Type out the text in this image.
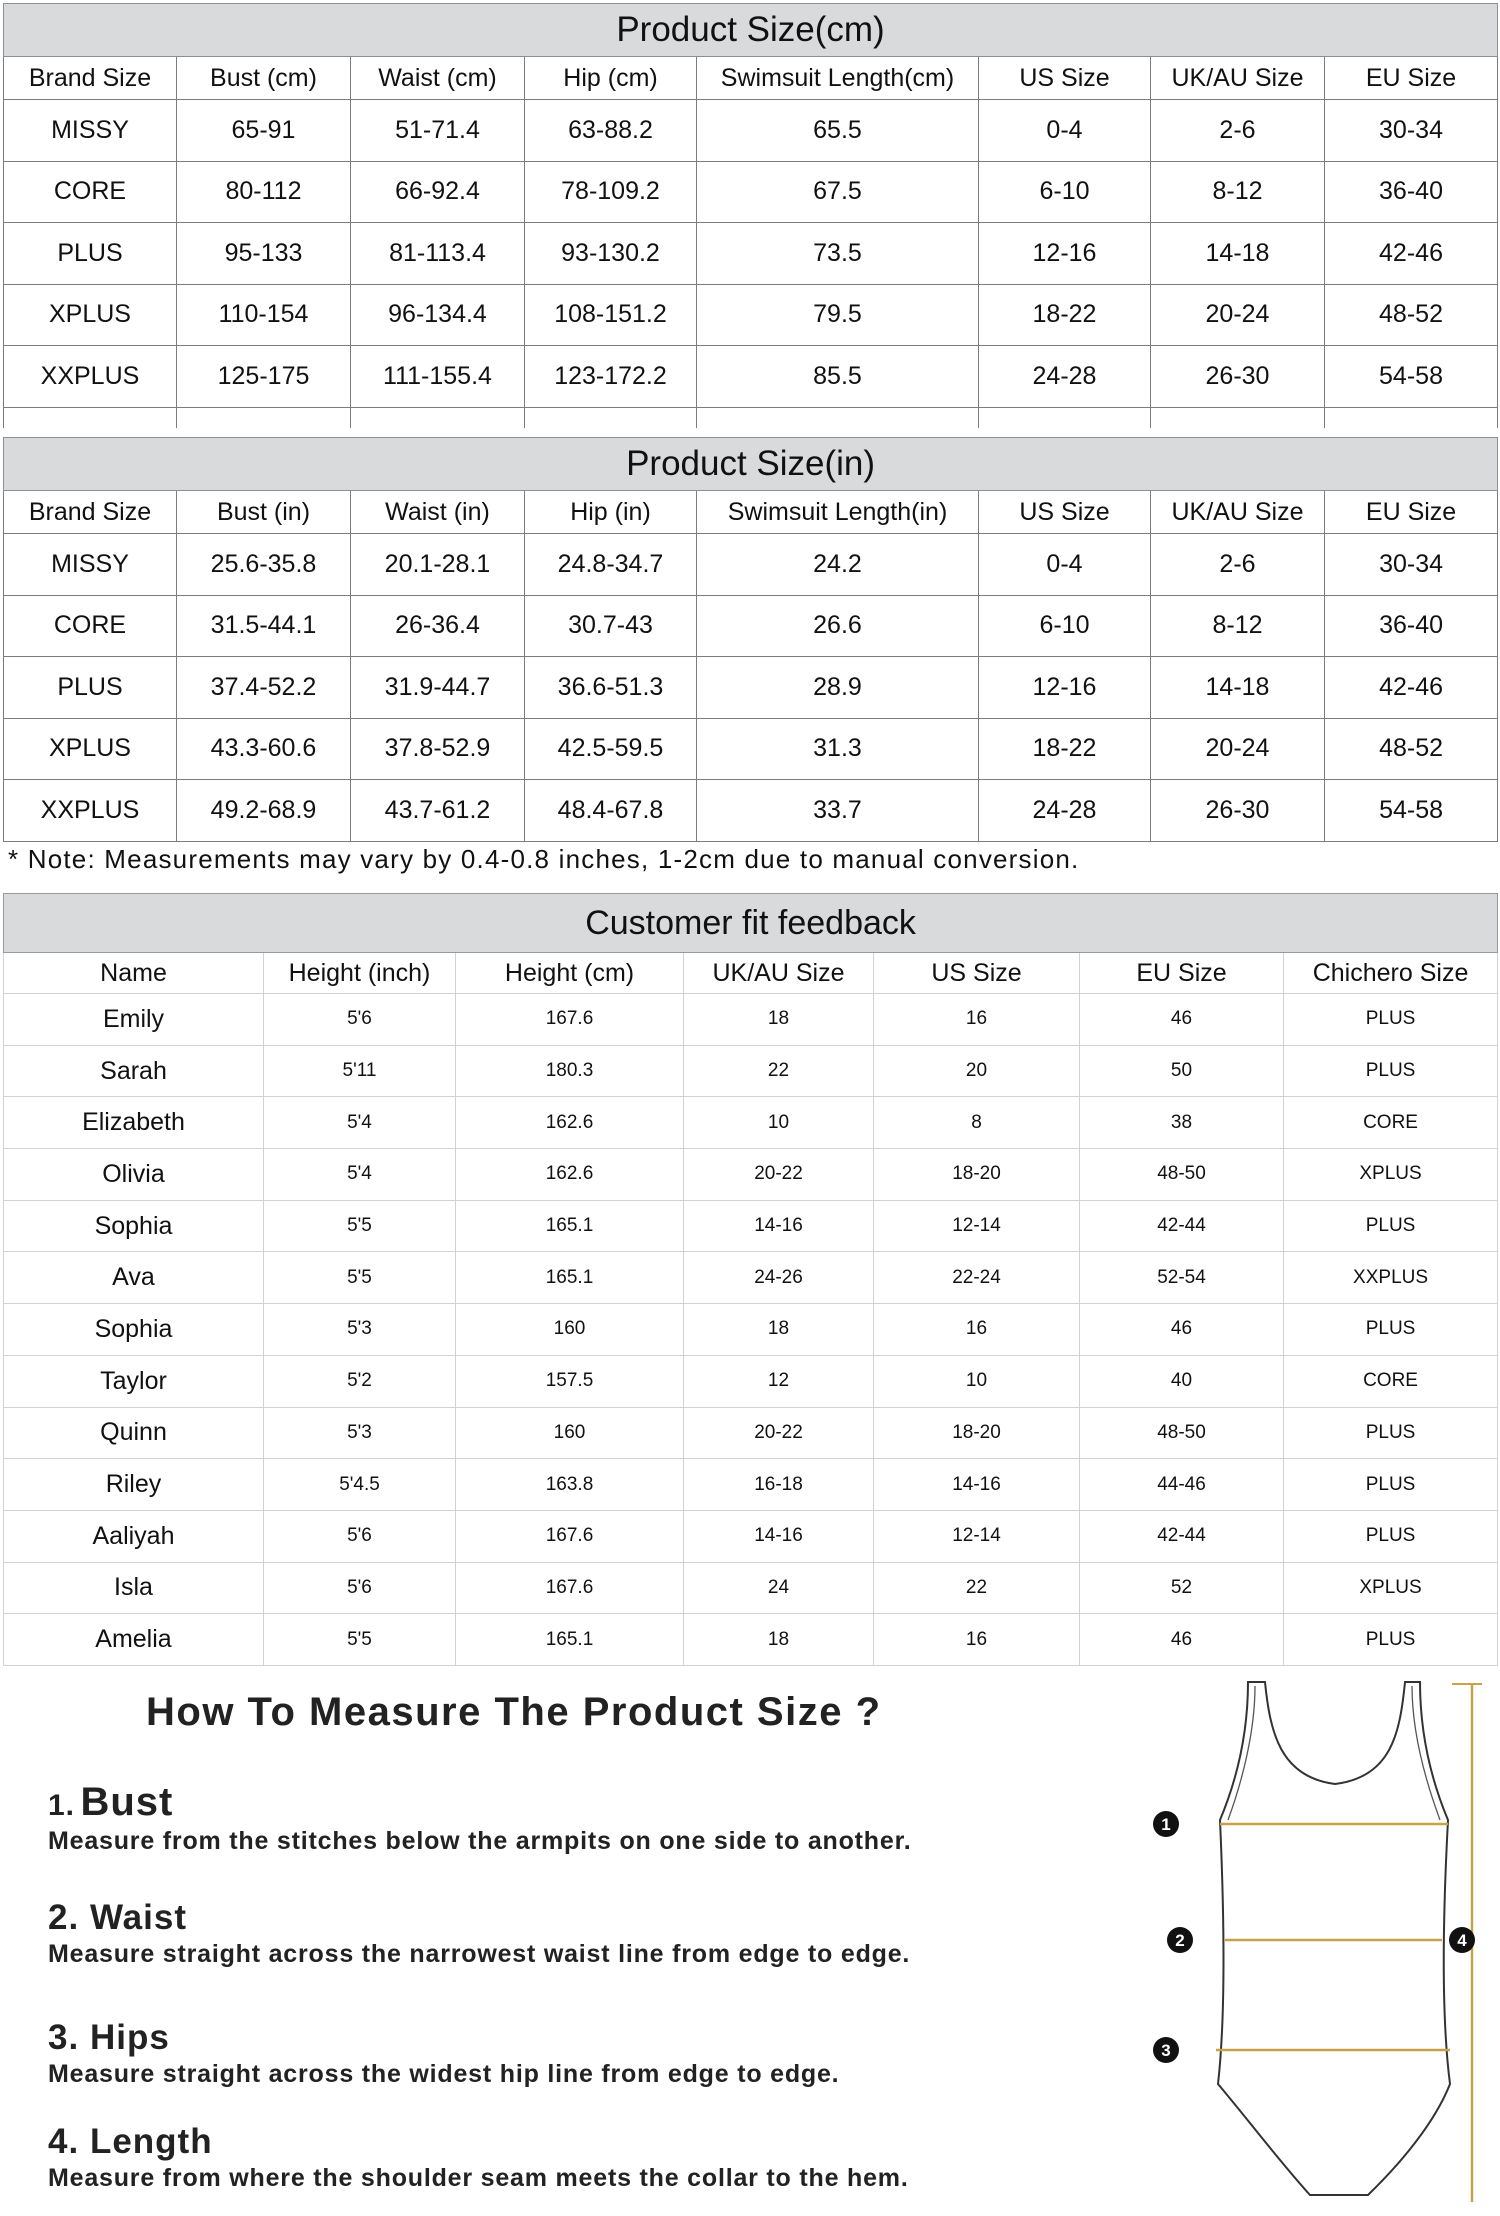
Product Size(cm)							
Brand Size	Bust (cm)	Waist (cm)	Hip (cm)	Swimsuit Length(cm)	US Size	UK/AU Size	EU Size
MISSY	65-91	51-71.4	63-88.2	65.5	0-4	2-6	30-34
CORE	80-112	66-92.4	78-109.2	67.5	6-10	8-12	36-40
PLUS	95-133	81-113.4	93-130.2	73.5	12-16	14-18	42-46
XPLUS	110-154	96-134.4	108-151.2	79.5	18-22	20-24	48-52
XXPLUS	125-175	111-155.4	123-172.2	85.5	24-28	26-30	54-58

Product Size(in)							
Brand Size	Bust (in)	Waist (in)	Hip (in)	Swimsuit Length(in)	US Size	UK/AU Size	EU Size
MISSY	25.6-35.8	20.1-28.1	24.8-34.7	24.2	0-4	2-6	30-34
CORE	31.5-44.1	26-36.4	30.7-43	26.6	6-10	8-12	36-40
PLUS	37.4-52.2	31.9-44.7	36.6-51.3	28.9	12-16	14-18	42-46
XPLUS	43.3-60.6	37.8-52.9	42.5-59.5	31.3	18-22	20-24	48-52
XXPLUS	49.2-68.9	43.7-61.2	48.4-67.8	33.7	24-28	26-30	54-58
* Note: Measurements may vary by 0.4-0.8 inches, 1-2cm due to manual conversion.
Customer fit feedback						
Name	Height (inch)	Height (cm)	UK/AU Size	US Size	EU Size	Chichero Size
Emily	5'6	167.6	18	16	46	PLUS
Sarah	5'11	180.3	22	20	50	PLUS
Elizabeth	5'4	162.6	10	8	38	CORE
Olivia	5'4	162.6	20-22	18-20	48-50	XPLUS
Sophia	5'5	165.1	14-16	12-14	42-44	PLUS
Ava	5'5	165.1	24-26	22-24	52-54	XXPLUS
Sophia	5'3	160	18	16	46	PLUS
Taylor	5'2	157.5	12	10	40	CORE
Quinn	5'3	160	20-22	18-20	48-50	PLUS
Riley	5'4.5	163.8	16-18	14-16	44-46	PLUS
Aaliyah	5'6	167.6	14-16	12-14	42-44	PLUS
Isla	5'6	167.6	24	22	52	XPLUS
Amelia	5'5	165.1	18	16	46	PLUS
How To Measure The Product Size ?
1. Bust
Measure from the stitches below the armpits on one side to another.
2. Waist
Measure straight across the narrowest waist line from edge to edge.
3. Hips
Measure straight across the widest hip line from edge to edge.
4. Length
Measure from where the shoulder seam meets the collar to the hem.
1
2
3
4
